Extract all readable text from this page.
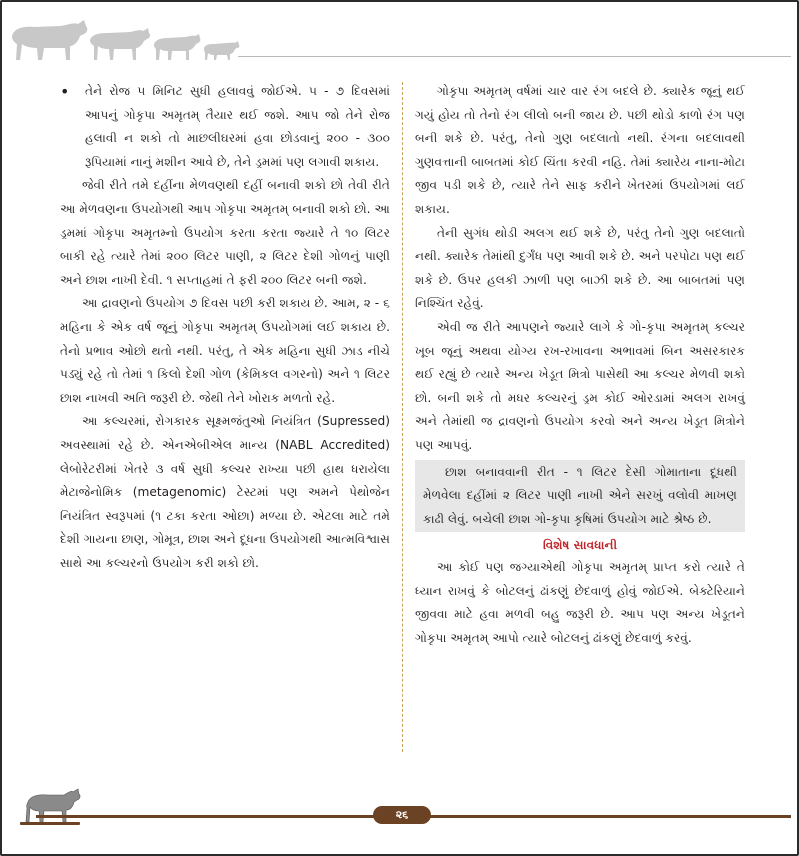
• તેને રોજ ૫ મિનિટ સુધી હલાવવું જોઈએ. ૫ - ૭ દિવસમાં આપનું ગોકૃપા અમૃતમ્ તૈયાર થઈ જશે. આપ જો તેને રોજ હલાવી ન શકો તો માછલીઘરમાં હવા છોડવાનું ૨૦૦ - ૩૦૦ રૂપિયામાં નાનું મશીન આવે છે, તેને ડ્રમમાં પણ લગાવી શકાય.

જેવી રીતે તમે દહીંના મેળવણથી દહીં બનાવી શકો છો તેવી રીતે આ મેળવણના ઉપયોગથી આપ ગોકૃપા અમૃતમ્ બનાવી શકો છો. આ ડ્રમમાં ગોકૃપા અમૃતમ્નો ઉપયોગ કરતા કરતા જ્યારે તે ૧૦ લિટર બાકી રહે ત્યારે તેમાં ૨૦૦ લિટર પાણી, ૨ લિટર દેશી ગોળનું પાણી અને છાશ નાખી દેવી. ૧ સપ્તાહમાં તે ફરી ૨૦૦ લિટર બની જશે.

આ દ્રાવણનો ઉપયોગ ૭ દિવસ પછી કરી શકાય છે. આમ, ૨ - ૬ મહિના કે એક વર્ષ જૂનું ગોકૃપા અમૃતમ્ ઉપયોગમાં લઈ શકાય છે. તેનો પ્રભાવ ઓછો થતો નથી. પરંતુ, તે એક મહિના સુધી ઝાડ નીચે પડ્યું રહે તો તેમાં ૧ કિલો દેશી ગોળ (કેમિકલ વગરનો) અને ૧ લિટર છાશ નાખવી અતિ જરૂરી છે. જેથી તેને ખોરાક મળતો રહે.

આ કલ્ચરમાં, રોગકારક સૂક્ષ્મજંતુઓ નિયંત્રિત (Supressed) અવસ્થામાં રહે છે. એનએબીએલ માન્ય (NABL Accredited) લેબોરેટરીમાં ખેતરે ૩ વર્ષ સુધી કલ્ચર રાખ્યા પછી હાથ ધરાયેલા મેટાજેનોમિક (metagenomic) ટેસ્ટમાં પણ અમને પેથોજેન નિયંત્રિત સ્વરૂપમાં (૧ ટકા કરતા ઓછા) મળ્યા છે. એટલા માટે તમે દેશી ગાયના છાણ, ગોમૂત્ર, છાશ અને દૂધના ઉપયોગથી આત્મવિશ્વાસ સાથે આ કલ્ચરનો ઉપયોગ કરી શકો છો.

ગોકૃપા અમૃતમ્ વર્ષમાં ચાર વાર રંગ બદલે છે. ક્યારેક જૂનું થઈ ગયું હોય તો તેનો રંગ લીલો બની જાય છે. પછી થોડો કાળો રંગ પણ બની શકે છે. પરંતુ, તેનો ગુણ બદલાતો નથી. રંગના બદલાવથી ગુણવત્તાની બાબતમાં કોઈ ચિંતા કરવી નહિ. તેમાં ક્યારેય નાના-મોટા જીવ પડી શકે છે, ત્યારે તેને સાફ કરીને ખેતરમાં ઉપયોગમાં લઈ શકાય.

તેની સુગંધ થોડી અલગ થઈ શકે છે, પરંતુ તેનો ગુણ બદલાતો નથી. ક્યારેક તેમાંથી દુર્ગંધ પણ આવી શકે છે. અને પરપોટા પણ થઈ શકે છે. ઉપર હલકી ઝાળી પણ બાઝી શકે છે. આ બાબતમાં પણ નિશ્ચિંત રહેવું.

એવી જ રીતે આપણને જ્યારે લાગે કે ગો-કૃપા અમૃતમ્ કલ્ચર ખૂબ જૂનું અથવા યોગ્ય રખ-રખાવના અભાવમાં બિન અસરકારક થઈ રહ્યું છે ત્યારે અન્ય ખેડૂત મિત્રો પાસેથી આ કલ્ચર મેળવી શકો છો. બની શકે તો મધર કલ્ચરનું ડ્રમ કોઈ ઓરડામાં અલગ રાખવું અને તેમાંથી જ દ્રાવણનો ઉપયોગ કરવો અને અન્ય ખેડૂત મિત્રોને પણ આપવું.

છાશ બનાવવાની રીત - ૧ લિટર દેસી ગોમાતાના દૂધથી મેળવેલા દહીંમાં ૨ લિટર પાણી નાખી એને સરખું વલોવી માખણ કાઢી લેવું. બચેલી છાશ ગો-કૃપા કૃષિમાં ઉપયોગ માટે શ્રેષ્ઠ છે.

વિશેષ સાવધાની

આ કોઈ પણ જગ્યાએથી ગોકૃપા અમૃતમ્ પ્રાપ્ત કરો ત્યારે તે ધ્યાન રાખવું કે બોટલનું ઢાંકણું છેદવાળું હોવું જોઈએ. બેક્ટેરિયાને જીવવા માટે હવા મળવી બહુ જરૂરી છે. આપ પણ અન્ય ખેડૂતને ગોકૃપા અમૃતમ્ આપો ત્યારે બોટલનું ઢાંકણું છેદવાળું કરવું.

૨૬
